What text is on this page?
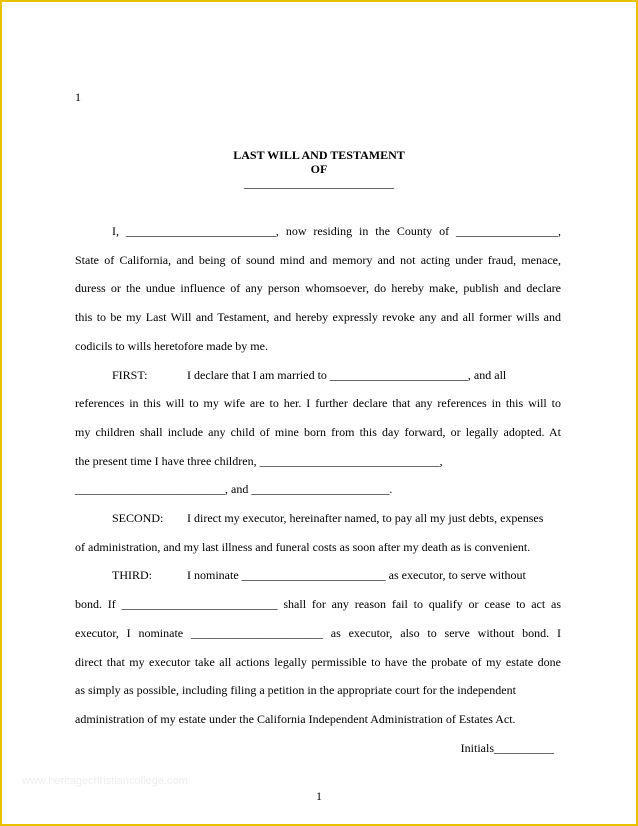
1
LAST WILL AND TESTAMENT
OF
_________________________
I, _________________________, now residing in the County of _________________,
State of California, and being of sound mind and memory and not acting under fraud, menace,
duress or the undue influence of any person whomsoever, do hereby make, publish and declare
this to be my Last Will and Testament, and hereby expressly revoke any and all former wills and
codicils to wills heretofore made by me.
FIRST:	I declare that I am married to _______________________, and all
references in this will to my wife are to her. I further declare that any references in this will to
my children shall include any child of mine born from this day forward, or legally adopted. At
the present time I have three children, ______________________________,
_________________________, and _______________________.
SECOND: I direct my executor, hereinafter named, to pay all my just debts, expenses
of administration, and my last illness and funeral costs as soon after my death as is convenient.
THIRD:	I nominate ________________________ as executor, to serve without
bond. If __________________________ shall for any reason fail to qualify or cease to act as
executor, I nominate ______________________ as executor, also to serve without bond. I
direct that my executor take all actions legally permissible to have the probate of my estate done
as simply as possible, including filing a petition in the appropriate court for the independent
administration of my estate under the California Independent Administration of Estates Act.
Initials__________
www.heritagechristiancollege.com
1
